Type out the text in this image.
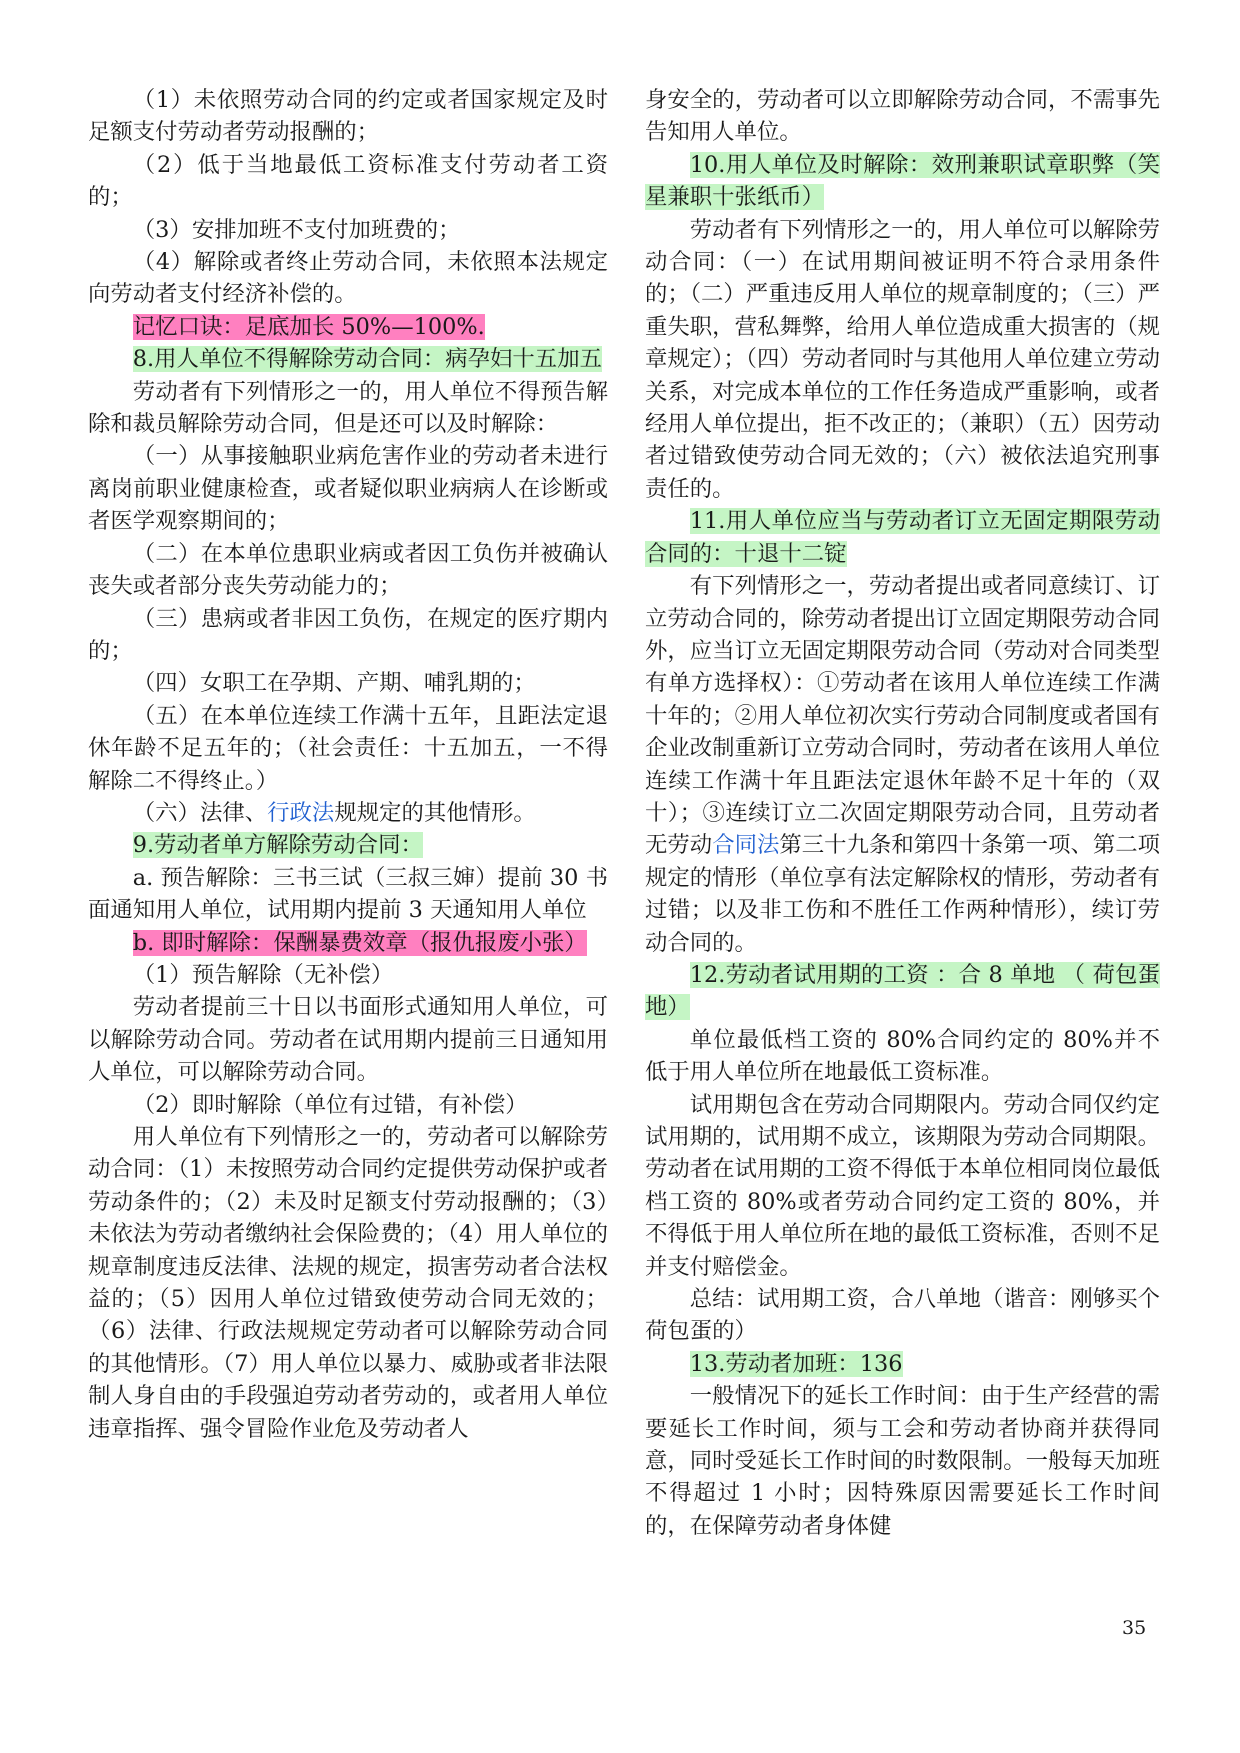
（1）未依照劳动合同的约定或者国家规定及时足额支付劳动者劳动报酬的；

（2）低于当地最低工资标准支付劳动者工资的；

（3）安排加班不支付加班费的；

（4）解除或者终止劳动合同，未依照本法规定向劳动者支付经济补偿的。

记忆口诀：足底加长 50%—100%.

8.用人单位不得解除劳动合同：病孕妇十五加五

劳动者有下列情形之一的，用人单位不得预告解除和裁员解除劳动合同，但是还可以及时解除：

（一）从事接触职业病危害作业的劳动者未进行离岗前职业健康检查，或者疑似职业病病人在诊断或者医学观察期间的；

（二）在本单位患职业病或者因工负伤并被确认丧失或者部分丧失劳动能力的；

（三）患病或者非因工负伤，在规定的医疗期内的；

（四）女职工在孕期、产期、哺乳期的；

（五）在本单位连续工作满十五年，且距法定退休年龄不足五年的；（社会责任：十五加五，一不得解除二不得终止。）

（六）法律、行政法规规定的其他情形。

9.劳动者单方解除劳动合同：

a. 预告解除：三书三试（三叔三婶）提前 30 书面通知用人单位，试用期内提前 3 天通知用人单位

b. 即时解除：保酬暴费效章（报仇报废小张）

（1）预告解除（无补偿）

劳动者提前三十日以书面形式通知用人单位，可以解除劳动合同。劳动者在试用期内提前三日通知用人单位，可以解除劳动合同。

（2）即时解除（单位有过错，有补偿）

用人单位有下列情形之一的，劳动者可以解除劳动合同：（1）未按照劳动合同约定提供劳动保护或者劳动条件的；（2）未及时足额支付劳动报酬的；（3）未依法为劳动者缴纳社会保险费的；（4）用人单位的规章制度违反法律、法规的规定，损害劳动者合法权益的；（5）因用人单位过错致使劳动合同无效的；（6）法律、行政法规规定劳动者可以解除劳动合同的其他情形。（7）用人单位以暴力、威胁或者非法限制人身自由的手段强迫劳动者劳动的，或者用人单位违章指挥、强令冒险作业危及劳动者人

身安全的，劳动者可以立即解除劳动合同，不需事先告知用人单位。

10.用人单位及时解除：效刑兼职试章职弊（笑星兼职十张纸币）

劳动者有下列情形之一的，用人单位可以解除劳动合同：（一）在试用期间被证明不符合录用条件的；（二）严重违反用人单位的规章制度的；（三）严重失职，营私舞弊，给用人单位造成重大损害的（规章规定）；（四）劳动者同时与其他用人单位建立劳动关系，对完成本单位的工作任务造成严重影响，或者经用人单位提出，拒不改正的；（兼职）（五）因劳动者过错致使劳动合同无效的；（六）被依法追究刑事责任的。

11.用人单位应当与劳动者订立无固定期限劳动合同的：十退十二锭

有下列情形之一，劳动者提出或者同意续订、订立劳动合同的，除劳动者提出订立固定期限劳动合同外，应当订立无固定期限劳动合同（劳动对合同类型有单方选择权）：①劳动者在该用人单位连续工作满十年的；②用人单位初次实行劳动合同制度或者国有企业改制重新订立劳动合同时，劳动者在该用人单位连续工作满十年且距法定退休年龄不足十年的（双十）；③连续订立二次固定期限劳动合同，且劳动者无劳动合同法第三十九条和第四十条第一项、第二项规定的情形（单位享有法定解除权的情形，劳动者有过错；以及非工伤和不胜任工作两种情形），续订劳动合同的。

12.劳动者试用期的工资 ：合 8 单地 （ 荷包蛋地）

单位最低档工资的 80%合同约定的 80%并不低于用人单位所在地最低工资标准。

试用期包含在劳动合同期限内。劳动合同仅约定试用期的，试用期不成立，该期限为劳动合同期限。劳动者在试用期的工资不得低于本单位相同岗位最低档工资的 80%或者劳动合同约定工资的 80%，并不得低于用人单位所在地的最低工资标准，否则不足并支付赔偿金。

总结：试用期工资，合八单地（谐音：刚够买个荷包蛋的）

13.劳动者加班：136

一般情况下的延长工作时间：由于生产经营的需要延长工作时间，须与工会和劳动者协商并获得同意，同时受延长工作时间的时数限制。一般每天加班不得超过 1 小时；因特殊原因需要延长工作时间的，在保障劳动者身体健

35
